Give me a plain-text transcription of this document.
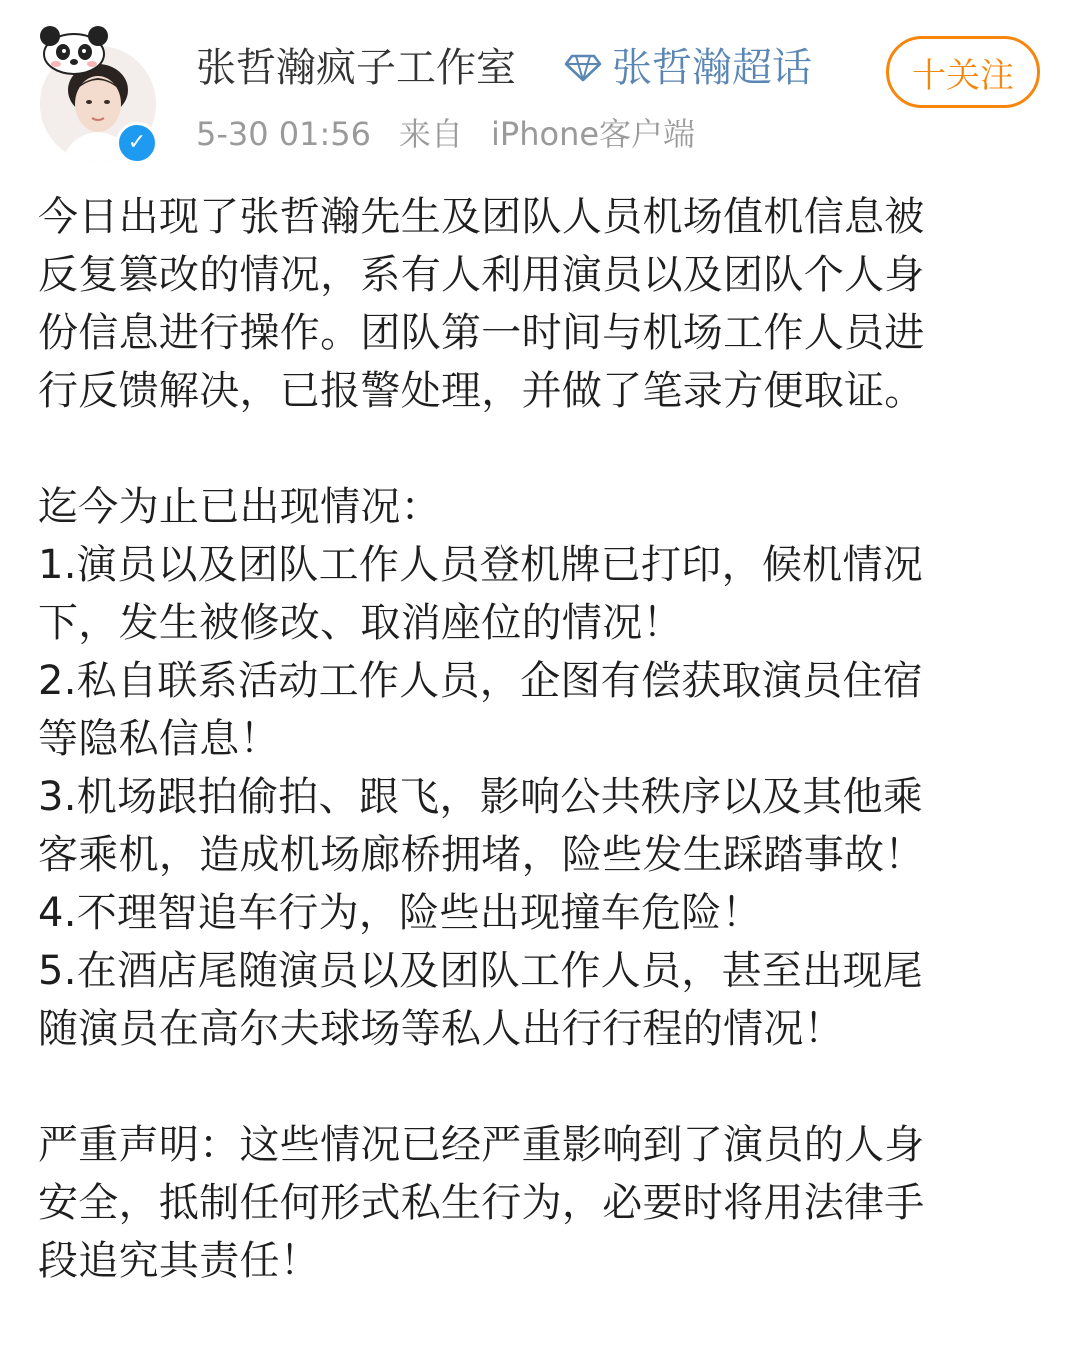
✓
张哲瀚疯子工作室 张哲瀚超话	十关注
5-30 01:56 来自 iPhone客户端
今日出现了张哲瀚先生及团队人员机场值机信息被
反复篡改的情况，系有人利用演员以及团队个人身
份信息进行操作。团队第一时间与机场工作人员进
行反馈解决，已报警处理，并做了笔录方便取证。
迄今为止已出现情况：
1.演员以及团队工作人员登机牌已打印，候机情况
下，发生被修改、取消座位的情况！
2.私自联系活动工作人员，企图有偿获取演员住宿
等隐私信息！
3.机场跟拍偷拍、跟飞，影响公共秩序以及其他乘
客乘机，造成机场廊桥拥堵，险些发生踩踏事故！
4.不理智追车行为，险些出现撞车危险！
5.在酒店尾随演员以及团队工作人员，甚至出现尾
随演员在高尔夫球场等私人出行行程的情况！
严重声明：这些情况已经严重影响到了演员的人身
安全，抵制任何形式私生行为，必要时将用法律手
段追究其责任！
